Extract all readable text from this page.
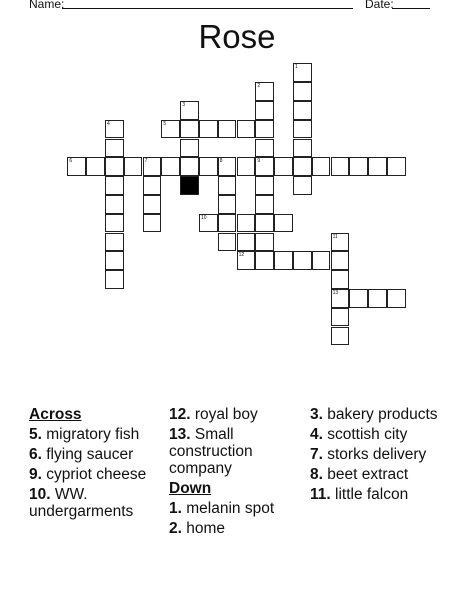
Name:	Date:
Rose
1
2
9
3
4	5
6	7	8
10
11
13
12
Across
5. migratory fish
6. flying saucer
9. cypriot cheese
10. WW. undergarments
12. royal boy
13. Small construction company
Down
1. melanin spot
2. home
3. bakery products
4. scottish city
7. storks delivery
8. beet extract
11. little falcon
